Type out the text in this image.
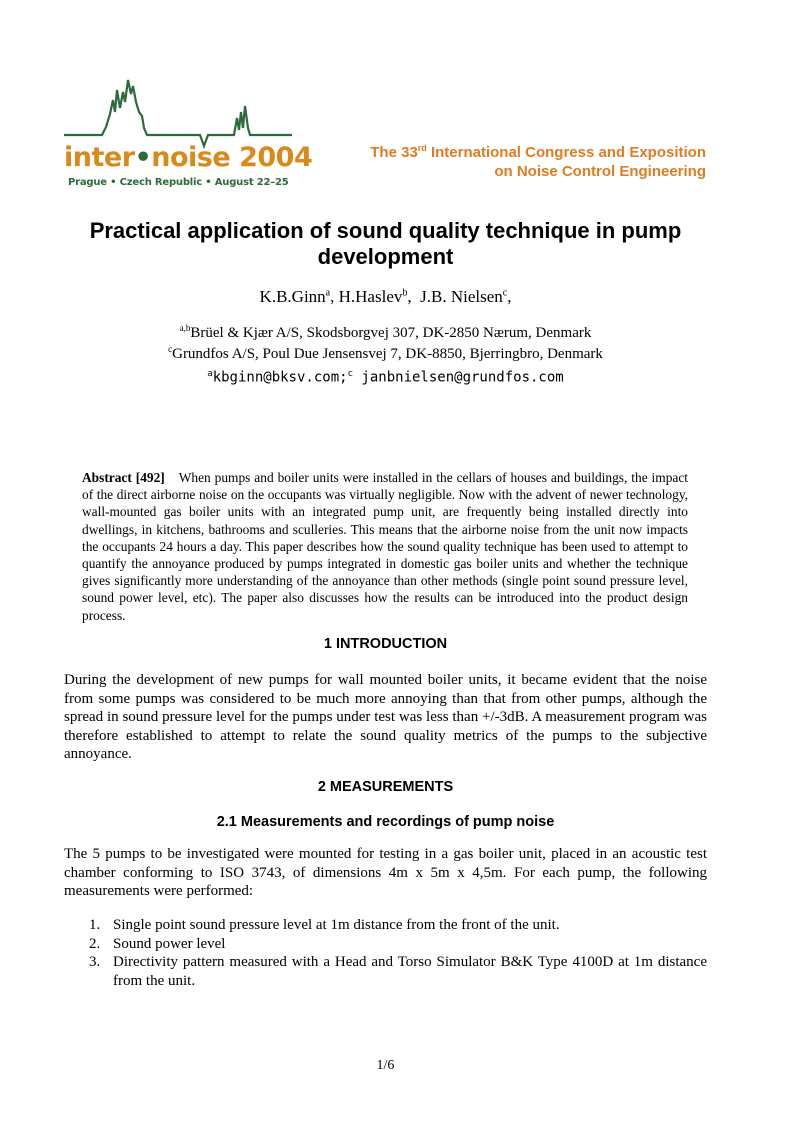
inter•noise 2004
Prague • Czech Republic • August 22–25
The 33rd International Congress and Exposition
on Noise Control Engineering
Practical application of sound quality technique in pump development
K.B.Ginn$^a$, H.Haslev$^b$,  J.B. Nielsen$^c$,
$^{a,b}$Brüel & Kjær A/S, Skodsborgvej 307, DK-2850 Nærum, Denmark
$^c$Grundfos A/S, Poul Due Jensensvej 7, DK-8850, Bjerringbro, Denmark
$^a$kbginn@bksv.com;$^c$ janbnielsen@grundfos.com
Abstract [492] When pumps and boiler units were installed in the cellars of houses and buildings, the impact of the direct airborne noise on the occupants was virtually negligible. Now with the advent of newer technology, wall-mounted gas boiler units with an integrated pump unit, are frequently being installed directly into dwellings, in kitchens, bathrooms and sculleries. This means that the airborne noise from the unit now impacts the occupants 24 hours a day. This paper describes how the sound quality technique has been used to attempt to quantify the annoyance produced by pumps integrated in domestic gas boiler units and whether the technique gives significantly more understanding of the annoyance than other methods (single point sound pressure level, sound power level, etc). The paper also discusses how the results can be introduced into the product design process.
1 INTRODUCTION
During the development of new pumps for wall mounted boiler units, it became evident that the noise from some pumps was considered to be much more annoying than that from other pumps, although the spread in sound pressure level for the pumps under test was less than +/-3dB. A measurement program was therefore established to attempt to relate the sound quality metrics of the pumps to the subjective annoyance.
2 MEASUREMENTS
2.1 Measurements and recordings of pump noise
The 5 pumps to be investigated were mounted for testing in a gas boiler unit, placed in an acoustic test chamber conforming to ISO 3743, of dimensions 4m x 5m x 4,5m. For each pump, the following measurements were performed:
1. Single point sound pressure level at 1m distance from the front of the unit.
2. Sound power level
3. Directivity pattern measured with a Head and Torso Simulator B&K Type 4100D at 1m distance from the unit.
1/6
